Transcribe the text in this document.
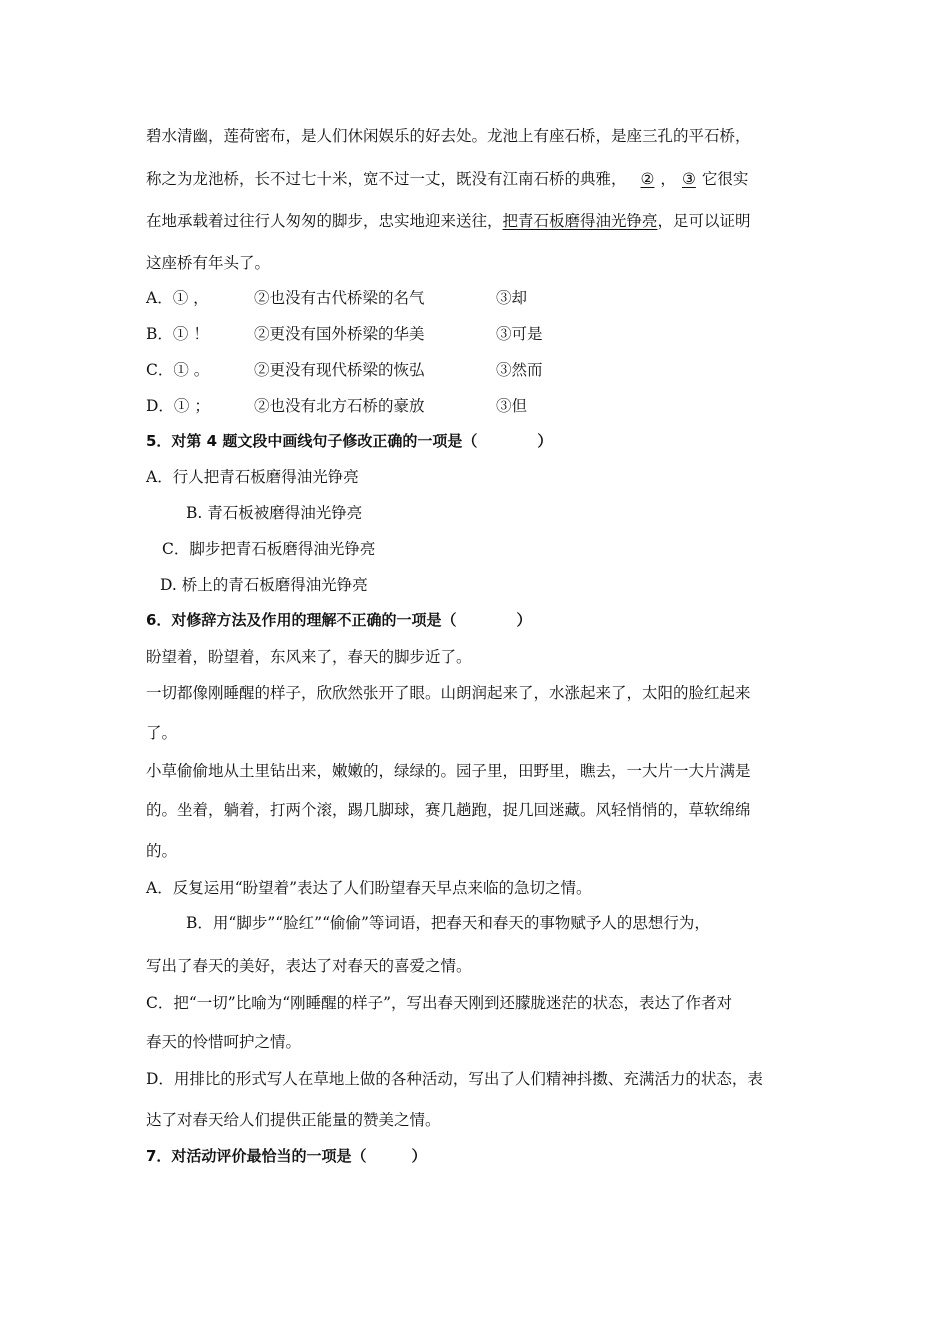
碧水清幽，莲荷密布，是人们休闲娱乐的好去处。龙池上有座石桥，是座三孔的平石桥，
称之为龙池桥，长不过七十米，宽不过一丈，既没有江南石桥的典雅， ② ， ③ 它很实
在地承载着过往行人匆匆的脚步，忠实地迎来送往，把青石板磨得油光铮亮，足可以证明
这座桥有年头了。
A．① ，	②也没有古代桥梁的名气	③却
B．① ！	②更没有国外桥梁的华美	③可是
C．① 。	②更没有现代桥梁的恢弘	③然而
D．① ；	②也没有北方石桥的豪放	③但
5．对第 4 题文段中画线句子修改正确的一项是（　　　　）
A．行人把青石板磨得油光铮亮
B. 青石板被磨得油光铮亮
C．脚步把青石板磨得油光铮亮
D. 桥上的青石板磨得油光铮亮
6．对修辞方法及作用的理解不正确的一项是（　　　　）
盼望着，盼望着，东风来了，春天的脚步近了。
一切都像刚睡醒的样子，欣欣然张开了眼。山朗润起来了，水涨起来了，太阳的脸红起来
了。
小草偷偷地从土里钻出来，嫩嫩的，绿绿的。园子里，田野里，瞧去，一大片一大片满是
的。坐着，躺着，打两个滚，踢几脚球，赛几趟跑，捉几回迷藏。风轻悄悄的，草软绵绵
的。
A．反复运用“盼望着”表达了人们盼望春天早点来临的急切之情。
B．用“脚步”“脸红”“偷偷”等词语，把春天和春天的事物赋予人的思想行为，
写出了春天的美好，表达了对春天的喜爱之情。
C．把“一切”比喻为“刚睡醒的样子”，写出春天刚到还朦胧迷茫的状态，表达了作者对
春天的怜惜呵护之情。
D．用排比的形式写人在草地上做的各种活动，写出了人们精神抖擞、充满活力的状态，表
达了对春天给人们提供正能量的赞美之情。
7．对活动评价最恰当的一项是（　　　）
